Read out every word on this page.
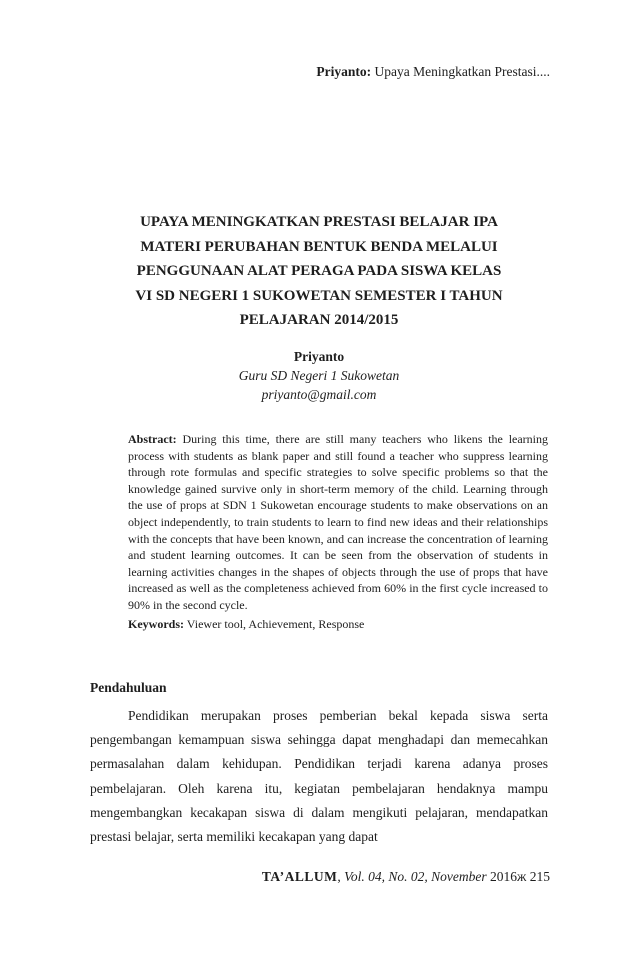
Priyanto: Upaya Meningkatkan Prestasi....
UPAYA MENINGKATKAN PRESTASI BELAJAR IPA
MATERI PERUBAHAN BENTUK BENDA MELALUI
PENGGUNAAN ALAT PERAGA PADA SISWA KELAS
VI SD NEGERI 1 SUKOWETAN SEMESTER I TAHUN
PELAJARAN 2014/2015
Priyanto
Guru SD Negeri 1 Sukowetan
priyanto@gmail.com
Abstract: During this time, there are still many teachers who likens the learning process with students as blank paper and still found a teacher who suppress learning through rote formulas and specific strategies to solve specific problems so that the knowledge gained survive only in short-term memory of the child. Learning through the use of props at SDN 1 Sukowetan encourage students to make observations on an object independently, to train students to learn to find new ideas and their relationships with the concepts that have been known, and can increase the concentration of learning and student learning outcomes. It can be seen from the observation of students in learning activities changes in the shapes of objects through the use of props that have increased as well as the completeness achieved from 60% in the first cycle increased to 90% in the second cycle.
Keywords: Viewer tool, Achievement, Response
Pendahuluan
Pendidikan merupakan proses pemberian bekal kepada siswa serta pengembangan kemampuan siswa sehingga dapat menghadapi dan memecahkan permasalahan dalam kehidupan. Pendidikan terjadi karena adanya proses pembelajaran. Oleh karena itu, kegiatan pembelajaran hendaknya mampu mengembangkan kecakapan siswa di dalam mengikuti pelajaran, mendapatkan prestasi belajar, serta memiliki kecakapan yang dapat
TA’ALLUM, Vol. 04, No. 02, November 2016ж 215
